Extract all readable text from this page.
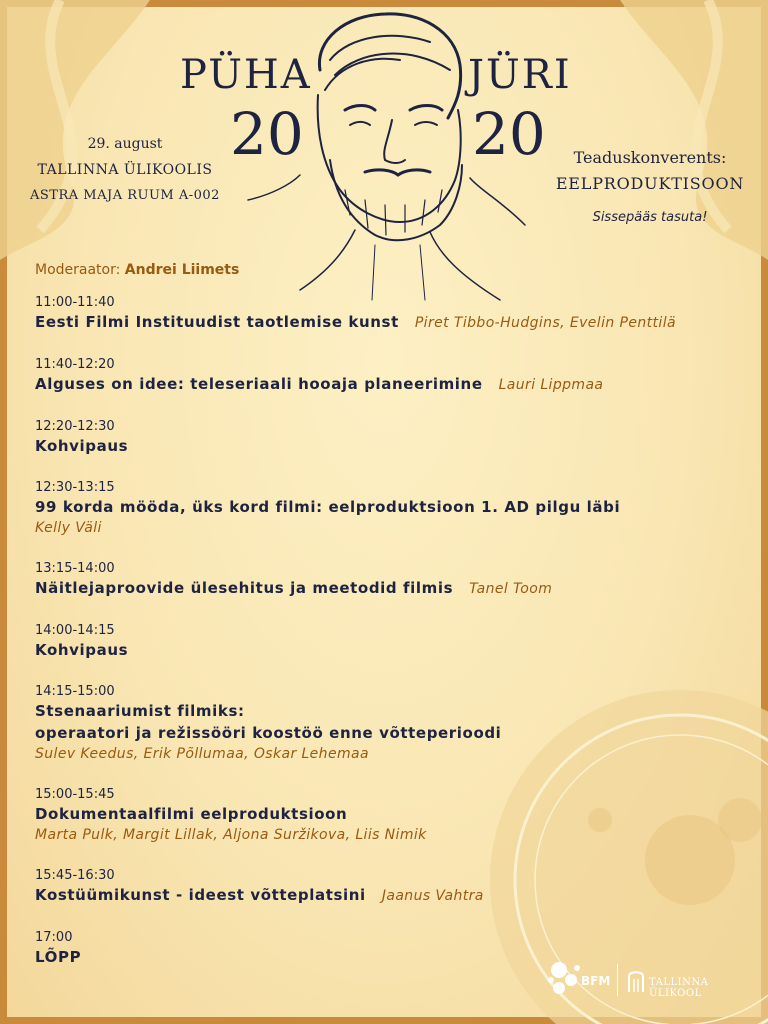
PÜHA	JÜRI
20	20
29. august
TALLINNA ÜLIKOOLIS
ASTRA MAJA RUUM A-002
Teaduskonverents:
EELPRODUKTISOON
Sissepääs tasuta!
Moderaator: Andrei Liimets
11:00-11:40
Eesti Filmi Instituudist taotlemise kunst Piret Tibbo-Hudgins, Evelin Penttilä
11:40-12:20
Alguses on idee: teleseriaali hooaja planeerimine Lauri Lippmaa
12:20-12:30
Kohvipaus
12:30-13:15
99 korda mööda, üks kord filmi: eelproduktsioon 1. AD pilgu läbi
Kelly Väli
13:15-14:00
Näitlejaproovide ülesehitus ja meetodid filmis Tanel Toom
14:00-14:15
Kohvipaus
14:15-15:00
Stsenaariumist filmiks:
operaatori ja režissööri koostöö enne võtteperioodi
Sulev Keedus, Erik Põllumaa, Oskar Lehemaa
15:00-15:45
Dokumentaalfilmi eelproduktsioon
Marta Pulk, Margit Lillak, Aljona Suržikova, Liis Nimik
15:45-16:30
Kostüümikunst - ideest võtteplatsini Jaanus Vahtra
17:00
LÕPP
BFM	TALLINNA ÜLIKOOL
